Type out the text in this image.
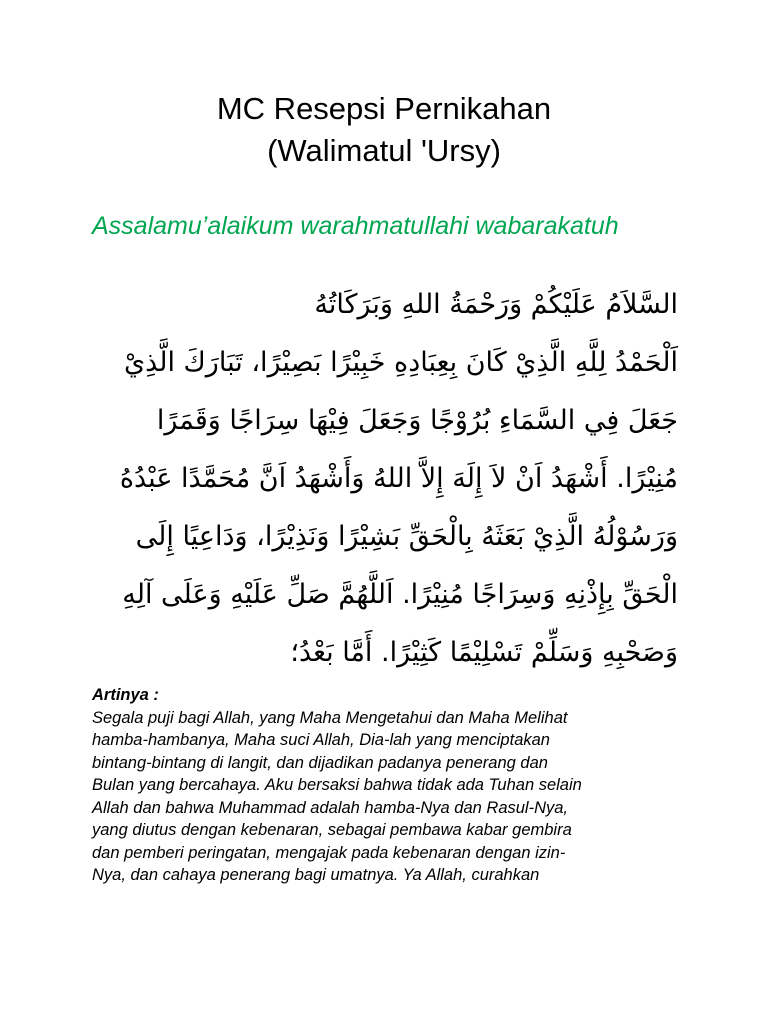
MC Resepsi Pernikahan
(Walimatul 'Ursy)
Assalamu’alaikum warahmatullahi wabarakatuh
السَّلاَمُ عَلَيْكُمْ وَرَحْمَةُ اللهِ وَبَرَكَاتُهُ
اَلْحَمْدُ لِلَّهِ الَّذِيْ كَانَ بِعِبَادِهِ خَبِيْرًا بَصِيْرًا، تَبَارَكَ الَّذِيْ
جَعَلَ فِي السَّمَاءِ بُرُوْجًا وَجَعَلَ فِيْهَا سِرَاجًا وَقَمَرًا
مُنِيْرًا. أَشْهَدُ اَنْ لاَ إِلَهَ إِلاَّ اللهُ وَأَشْهَدُ اَنَّ مُحَمَّدًا عَبْدُهُ
وَرَسُوْلُهُ الَّذِيْ بَعَثَهُ بِالْحَقِّ بَشِيْرًا وَنَذِيْرًا، وَدَاعِيًا إِلَى
الْحَقِّ بِإِذْنِهِ وَسِرَاجًا مُنِيْرًا. اَللَّهُمَّ صَلِّ عَلَيْهِ وَعَلَى آلِهِ
وَصَحْبِهِ وَسَلِّمْ تَسْلِيْمًا كَثِيْرًا. أَمَّا بَعْدُ؛
Artinya :
Segala puji bagi Allah, yang Maha Mengetahui dan Maha Melihat
hamba-hambanya, Maha suci Allah, Dia-lah yang menciptakan
bintang-bintang di langit, dan dijadikan padanya penerang dan
Bulan yang bercahaya. Aku bersaksi bahwa tidak ada Tuhan selain
Allah dan bahwa Muhammad adalah hamba-Nya dan Rasul-Nya,
yang diutus dengan kebenaran, sebagai pembawa kabar gembira
dan pemberi peringatan, mengajak pada kebenaran dengan izin-
Nya, dan cahaya penerang bagi umatnya. Ya Allah, curahkan
